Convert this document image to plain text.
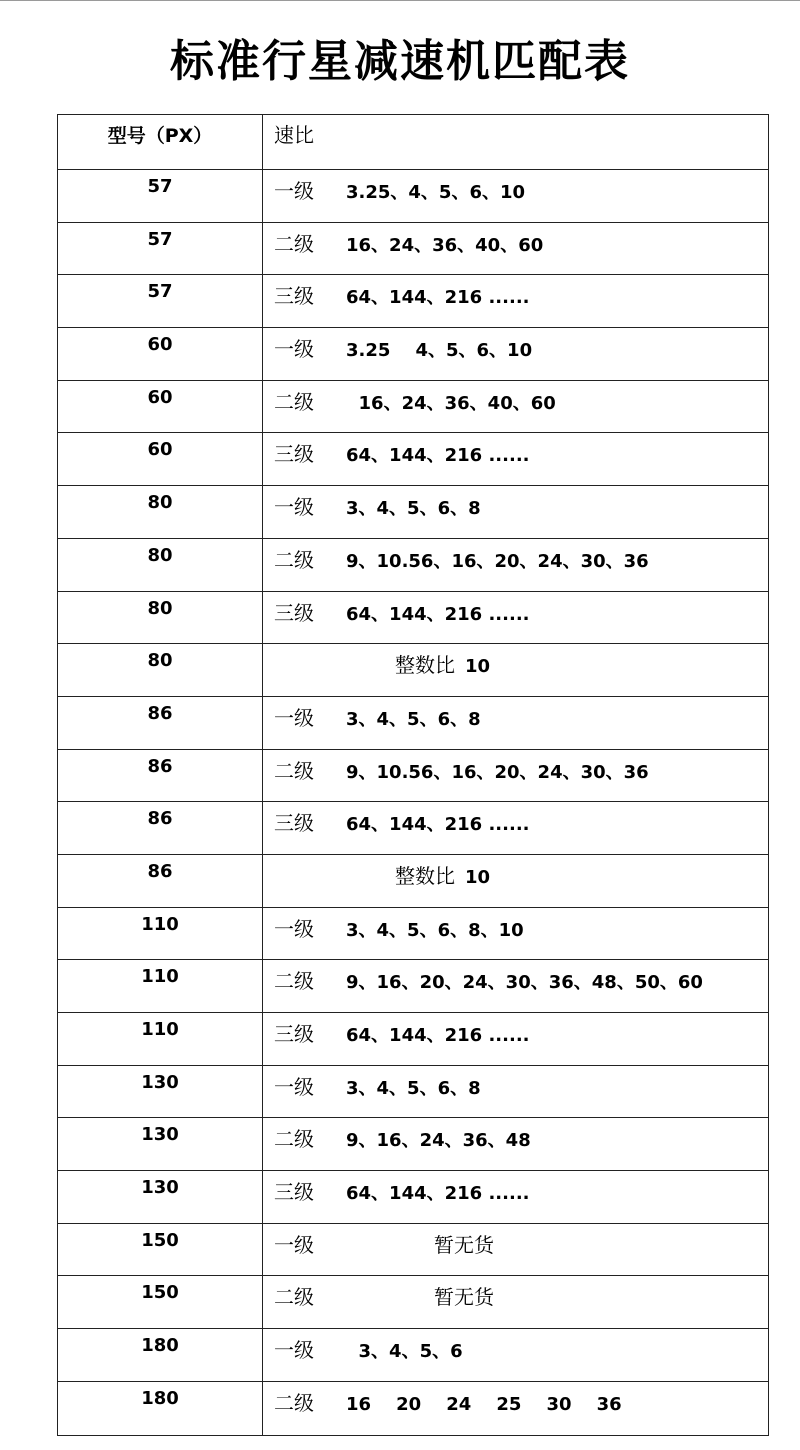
标准行星减速机匹配表
型号（PX）	速比
57	一级 3.25、4、5、6、10
57	二级 16、24、36、40、60
57	三级 64、144、216 ......
60	一级 3.25    4、5、6、10
60	二级  16、24、36、40、60
60	三级 64、144、216 ......
80	一级 3、4、5、6、8
80	二级 9、10.56、16、20、24、30、36
80	三级 64、144、216 ......
80	整数比 10
86	一级 3、4、5、6、8
86	二级 9、10.56、16、20、24、30、36
86	三级 64、144、216 ......
86	整数比 10
110	一级 3、4、5、6、8、10
110	二级 9、16、20、24、30、36、48、50、60
110	三级 64、144、216 ......
130	一级 3、4、5、6、8
130	二级 9、16、24、36、48
130	三级 64、144、216 ......
150	一级	暂无货
150	二级	暂无货
180	一级  3、4、5、6
180	二级 16    20    24    25    30    36
